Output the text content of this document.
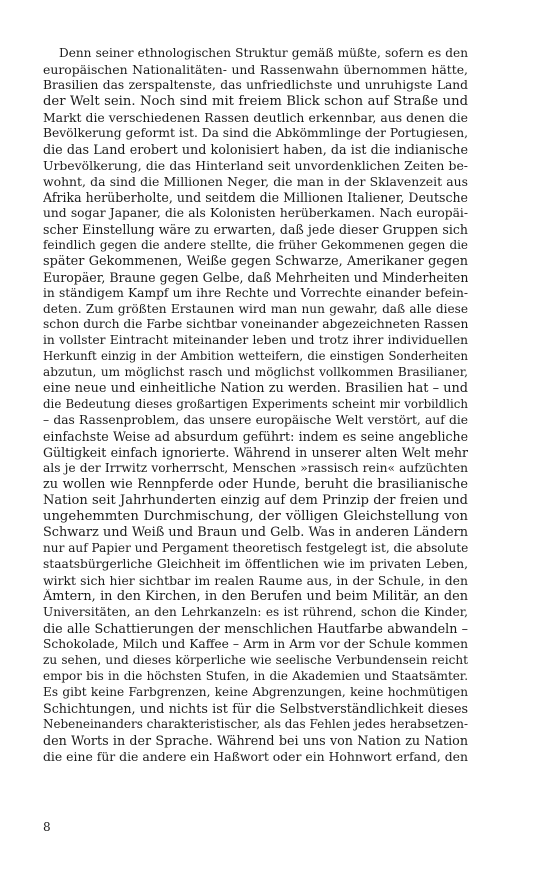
Denn seiner ethnologischen Struktur gemäß müßte, sofern es den
europäischen Nationalitäten- und Rassenwahn übernommen hätte,
Brasilien das zerspaltenste, das unfriedlichste und unruhigste Land
der Welt sein. Noch sind mit freiem Blick schon auf Straße und
Markt die verschiedenen Rassen deutlich erkennbar, aus denen die
Bevölkerung geformt ist. Da sind die Abkömmlinge der Portugiesen,
die das Land erobert und kolonisiert haben, da ist die indianische
Urbevölkerung, die das Hinterland seit unvordenklichen Zeiten be-
wohnt, da sind die Millionen Neger, die man in der Sklavenzeit aus
Afrika herüberholte, und seitdem die Millionen Italiener, Deutsche
und sogar Japaner, die als Kolonisten herüberkamen. Nach europäi-
scher Einstellung wäre zu erwarten, daß jede dieser Gruppen sich
feindlich gegen die andere stellte, die früher Gekommenen gegen die
später Gekommenen, Weiße gegen Schwarze, Amerikaner gegen
Europäer, Braune gegen Gelbe, daß Mehrheiten und Minderheiten
in ständigem Kampf um ihre Rechte und Vorrechte einander befein-
deten. Zum größten Erstaunen wird man nun gewahr, daß alle diese
schon durch die Farbe sichtbar voneinander abgezeichneten Rassen
in vollster Eintracht miteinander leben und trotz ihrer individuellen
Herkunft einzig in der Ambition wetteifern, die einstigen Sonderheiten
abzutun, um möglichst rasch und möglichst vollkommen Brasilianer,
eine neue und einheitliche Nation zu werden. Brasilien hat – und
die Bedeutung dieses großartigen Experiments scheint mir vorbildlich
– das Rassenproblem, das unsere europäische Welt verstört, auf die
einfachste Weise ad absurdum geführt: indem es seine angebliche
Gültigkeit einfach ignorierte. Während in unserer alten Welt mehr
als je der Irrwitz vorherrscht, Menschen »rassisch rein« aufzüchten
zu wollen wie Rennpferde oder Hunde, beruht die brasilianische
Nation seit Jahrhunderten einzig auf dem Prinzip der freien und
ungehemmten Durchmischung, der völligen Gleichstellung von
Schwarz und Weiß und Braun und Gelb. Was in anderen Ländern
nur auf Papier und Pergament theoretisch festgelegt ist, die absolute
staatsbürgerliche Gleichheit im öffentlichen wie im privaten Leben,
wirkt sich hier sichtbar im realen Raume aus, in der Schule, in den
Ämtern, in den Kirchen, in den Berufen und beim Militär, an den
Universitäten, an den Lehrkanzeln: es ist rührend, schon die Kinder,
die alle Schattierungen der menschlichen Hautfarbe abwandeln –
Schokolade, Milch und Kaffee – Arm in Arm vor der Schule kommen
zu sehen, und dieses körperliche wie seelische Verbundensein reicht
empor bis in die höchsten Stufen, in die Akademien und Staatsämter.
Es gibt keine Farbgrenzen, keine Abgrenzungen, keine hochmütigen
Schichtungen, und nichts ist für die Selbstverständlichkeit dieses
Nebeneinanders charakteristischer, als das Fehlen jedes herabsetzen-
den Worts in der Sprache. Während bei uns von Nation zu Nation
die eine für die andere ein Haßwort oder ein Hohnwort erfand, den
8
